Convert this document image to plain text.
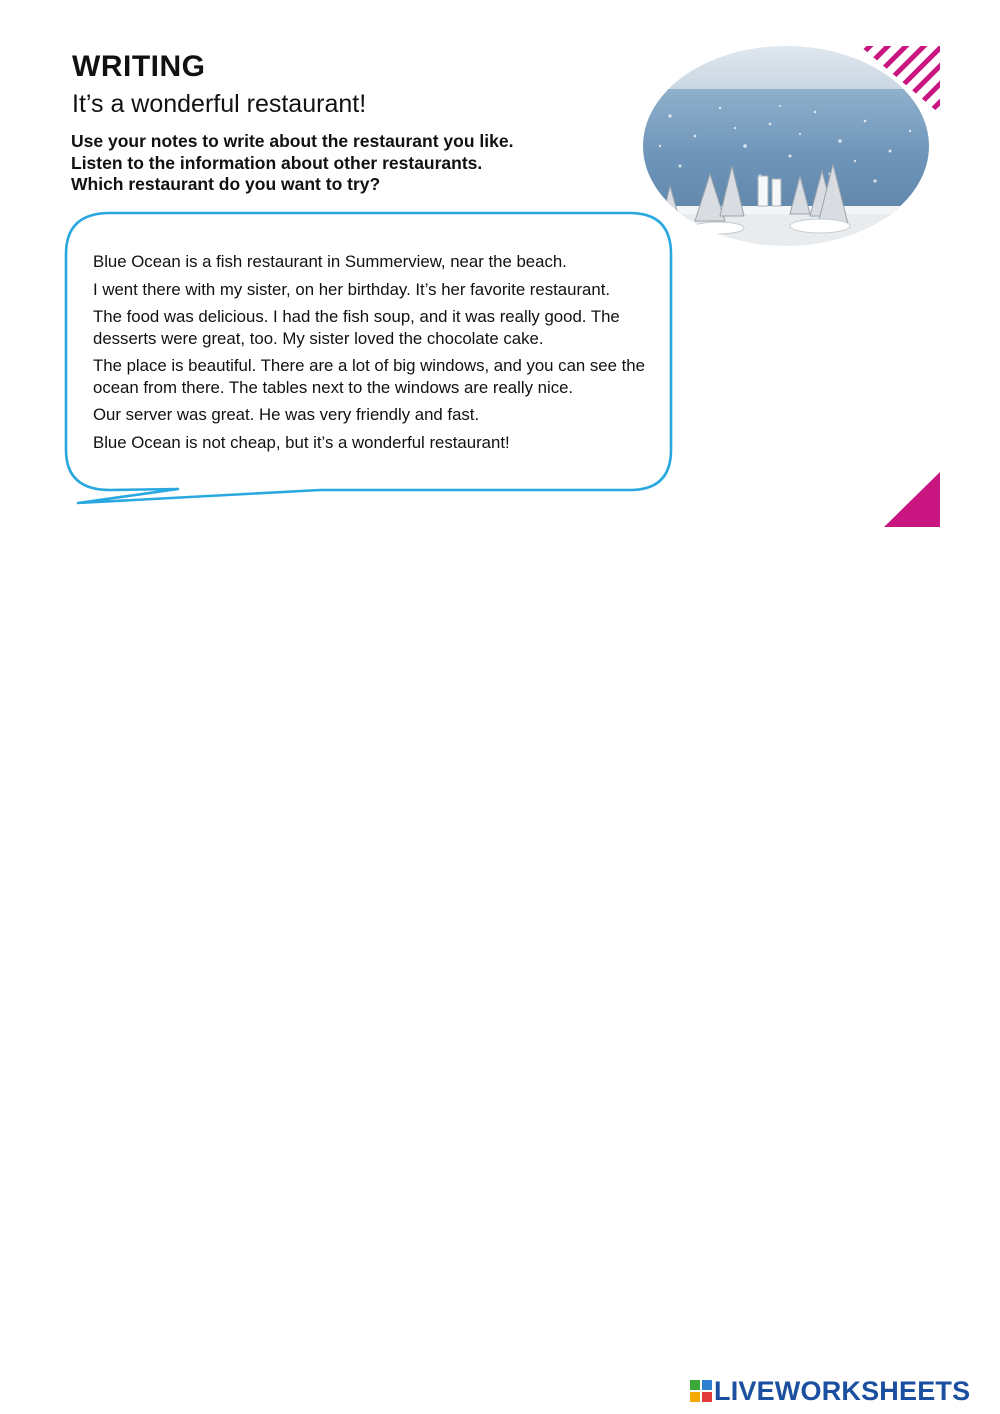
WRITING
It’s a wonderful restaurant!
Use your notes to write about the restaurant you like.
Listen to the information about other restaurants.
Which restaurant do you want to try?

Blue Ocean is a fish restaurant in Summerview, near the beach.

I went there with my sister, on her birthday. It’s her favorite restaurant.

The food was delicious. I had the fish soup, and it was really good. The desserts were great, too. My sister loved the chocolate cake.

The place is beautiful. There are a lot of big windows, and you can see the ocean from there. The tables next to the windows are really nice.

Our server was great. He was very friendly and fast.

Blue Ocean is not cheap, but it’s a wonderful restaurant!

LIVEWORKSHEETS
